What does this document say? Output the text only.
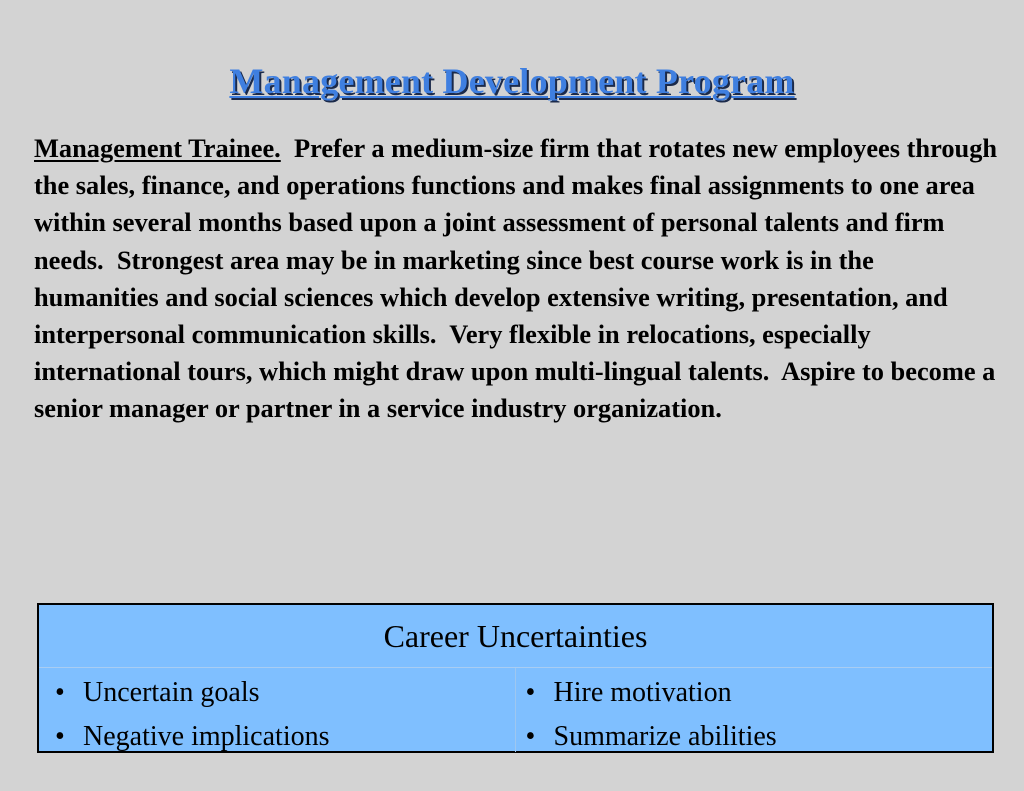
Management Development Program
Management Trainee.  Prefer a medium-size firm that rotates new employees through the sales, finance, and operations functions and makes final assignments to one area within several months based upon a joint assessment of personal talents and firm needs.  Strongest area may be in marketing since best course work is in the humanities and social sciences which develop extensive writing, presentation, and interpersonal communication skills.  Very flexible in relocations, especially international tours, which might draw upon multi-lingual talents.  Aspire to become a senior manager or partner in a service industry organization.
Career Uncertainties
• Uncertain goals
• Negative implications
• Hire motivation
• Summarize abilities
